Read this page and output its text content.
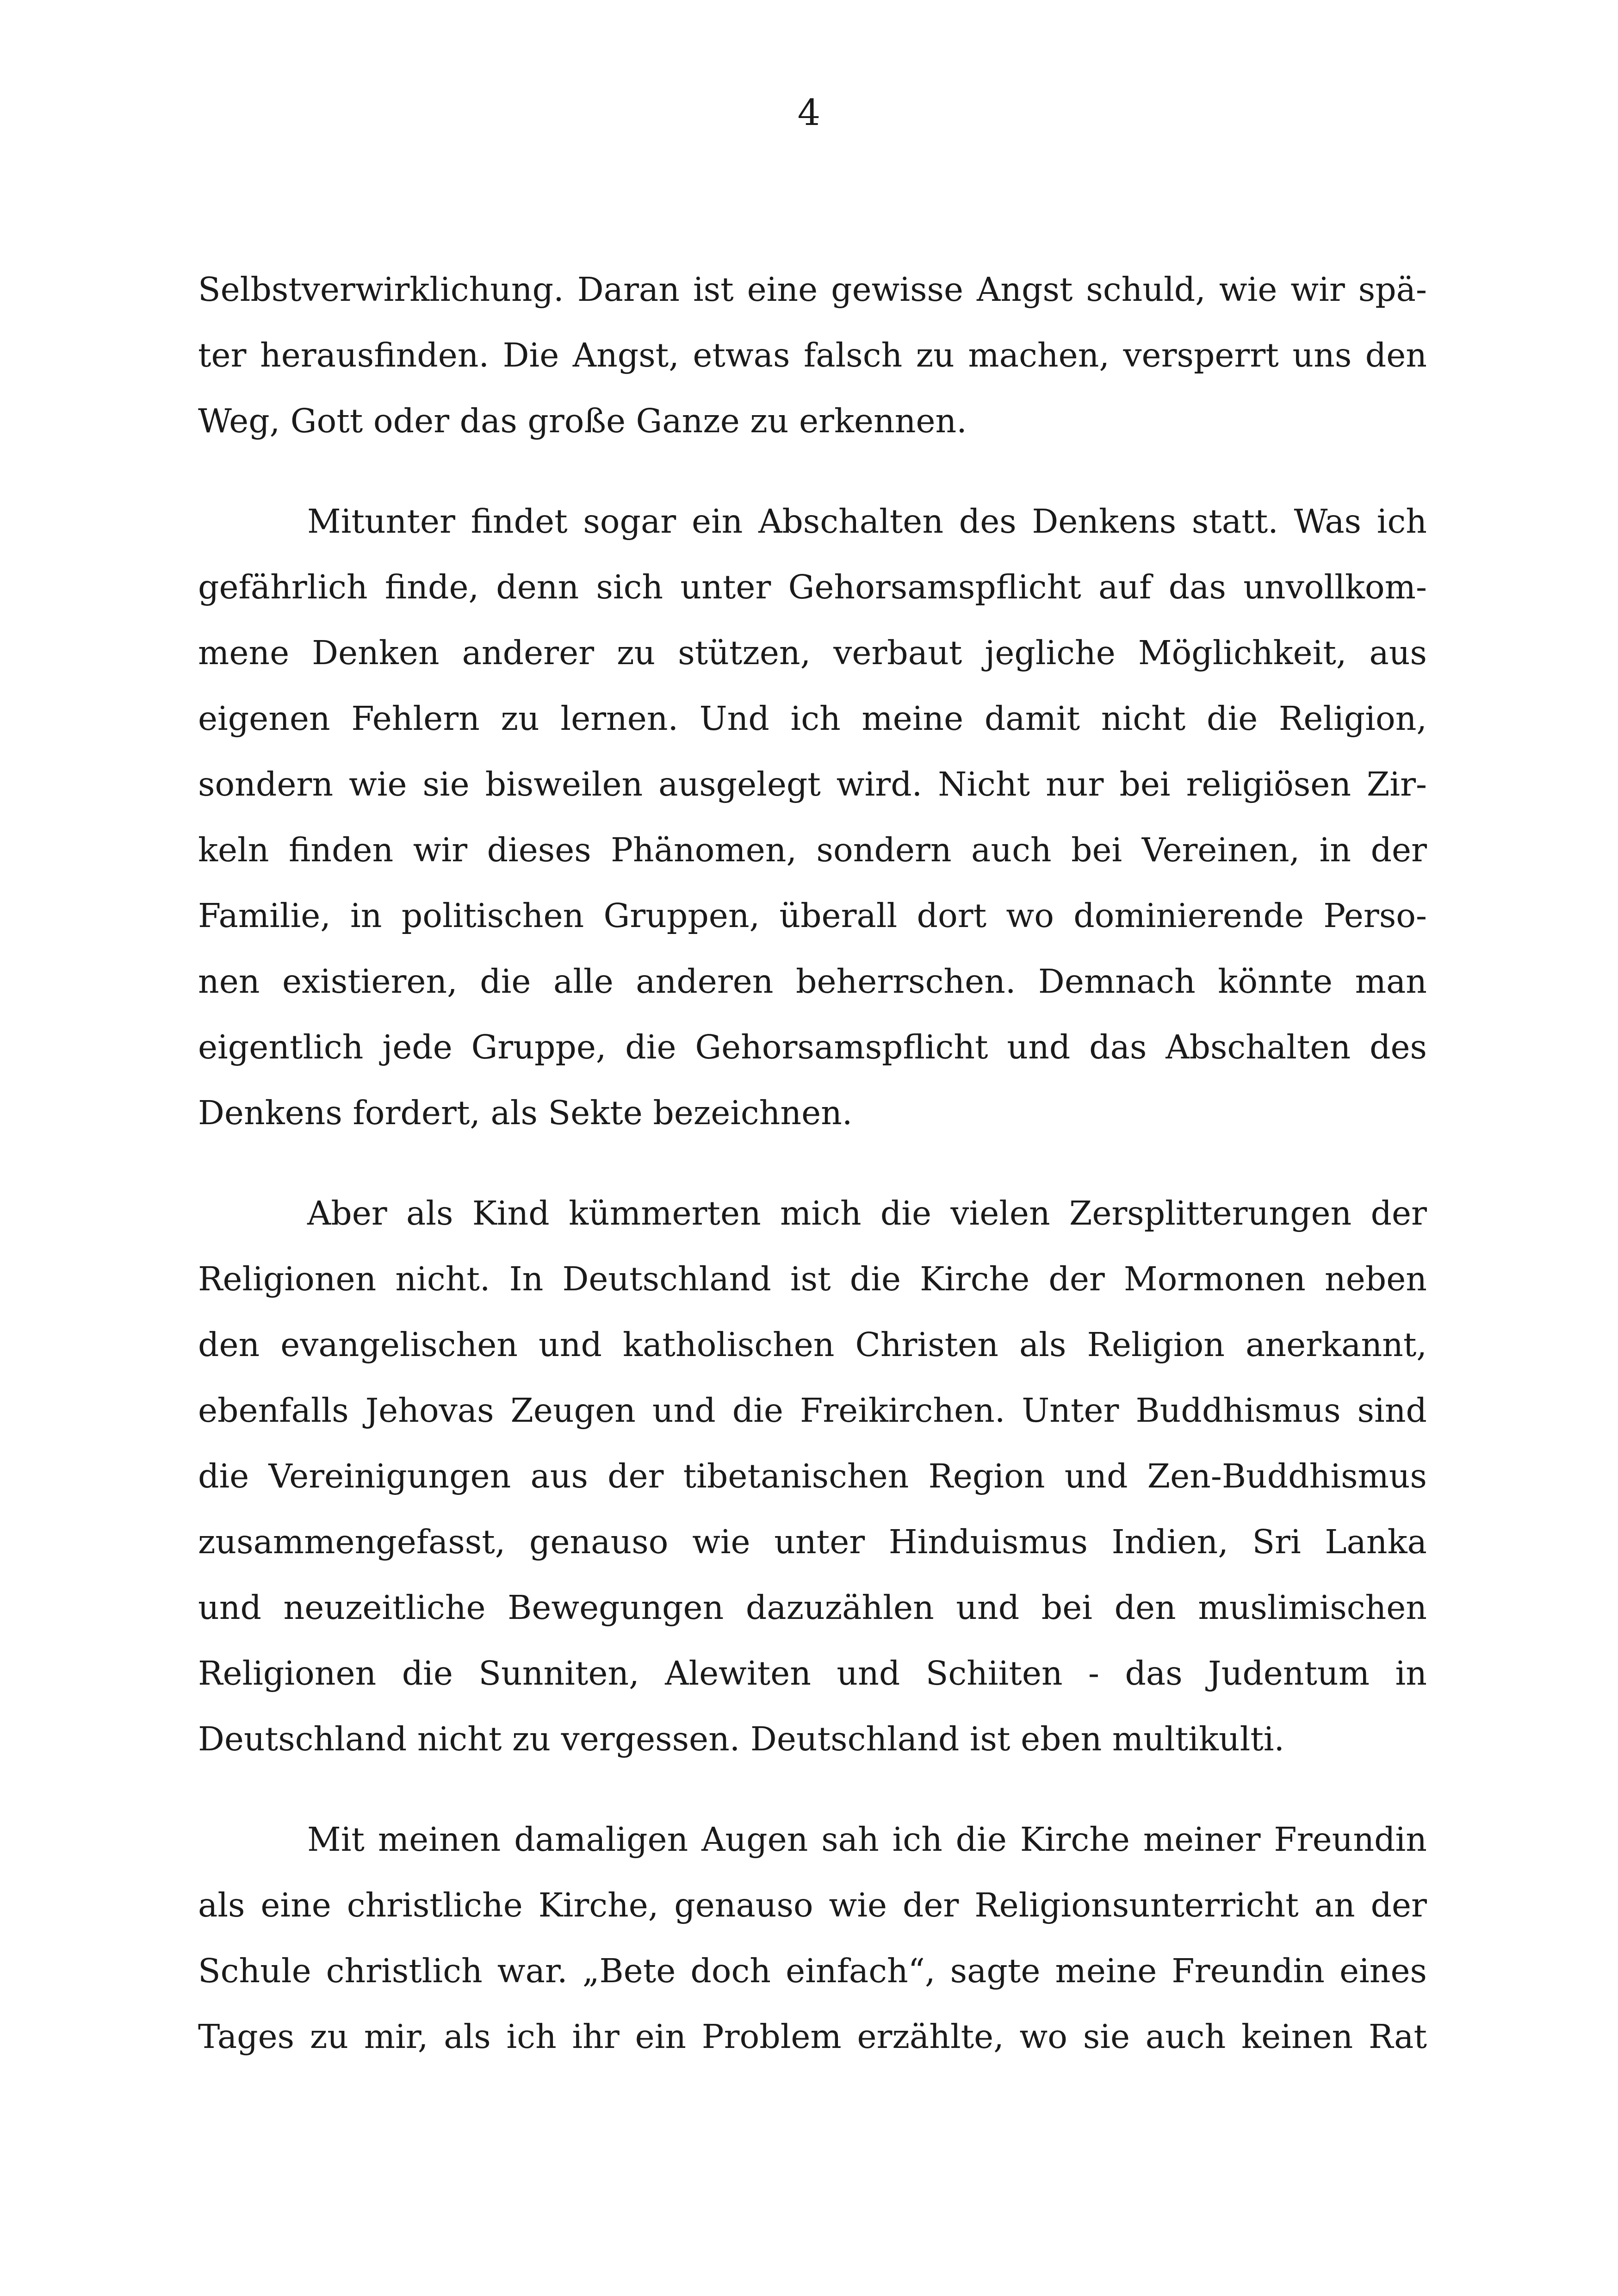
4
Selbstverwirklichung. Daran ist eine gewisse Angst schuld, wie wir spä-
ter herausfinden. Die Angst, etwas falsch zu machen, versperrt uns den
Weg, Gott oder das große Ganze zu erkennen.
Mitunter findet sogar ein Abschalten des Denkens statt. Was ich
gefährlich finde, denn sich unter Gehorsamspflicht auf das unvollkom-
mene Denken anderer zu stützen, verbaut jegliche Möglichkeit, aus
eigenen Fehlern zu lernen. Und ich meine damit nicht die Religion,
sondern wie sie bisweilen ausgelegt wird. Nicht nur bei religiösen Zir-
keln finden wir dieses Phänomen, sondern auch bei Vereinen, in der
Familie, in politischen Gruppen, überall dort wo dominierende Perso-
nen existieren, die alle anderen beherrschen. Demnach könnte man
eigentlich jede Gruppe, die Gehorsamspflicht und das Abschalten des
Denkens fordert, als Sekte bezeichnen.
Aber als Kind kümmerten mich die vielen Zersplitterungen der
Religionen nicht. In Deutschland ist die Kirche der Mormonen neben
den evangelischen und katholischen Christen als Religion anerkannt,
ebenfalls Jehovas Zeugen und die Freikirchen. Unter Buddhismus sind
die Vereinigungen aus der tibetanischen Region und Zen-Buddhismus
zusammengefasst, genauso wie unter Hinduismus Indien, Sri Lanka
und neuzeitliche Bewegungen dazuzählen und bei den muslimischen
Religionen die Sunniten, Alewiten und Schiiten - das Judentum in
Deutschland nicht zu vergessen. Deutschland ist eben multikulti.
Mit meinen damaligen Augen sah ich die Kirche meiner Freundin
als eine christliche Kirche, genauso wie der Religionsunterricht an der
Schule christlich war. „Bete doch einfach“, sagte meine Freundin eines
Tages zu mir, als ich ihr ein Problem erzählte, wo sie auch keinen Rat
